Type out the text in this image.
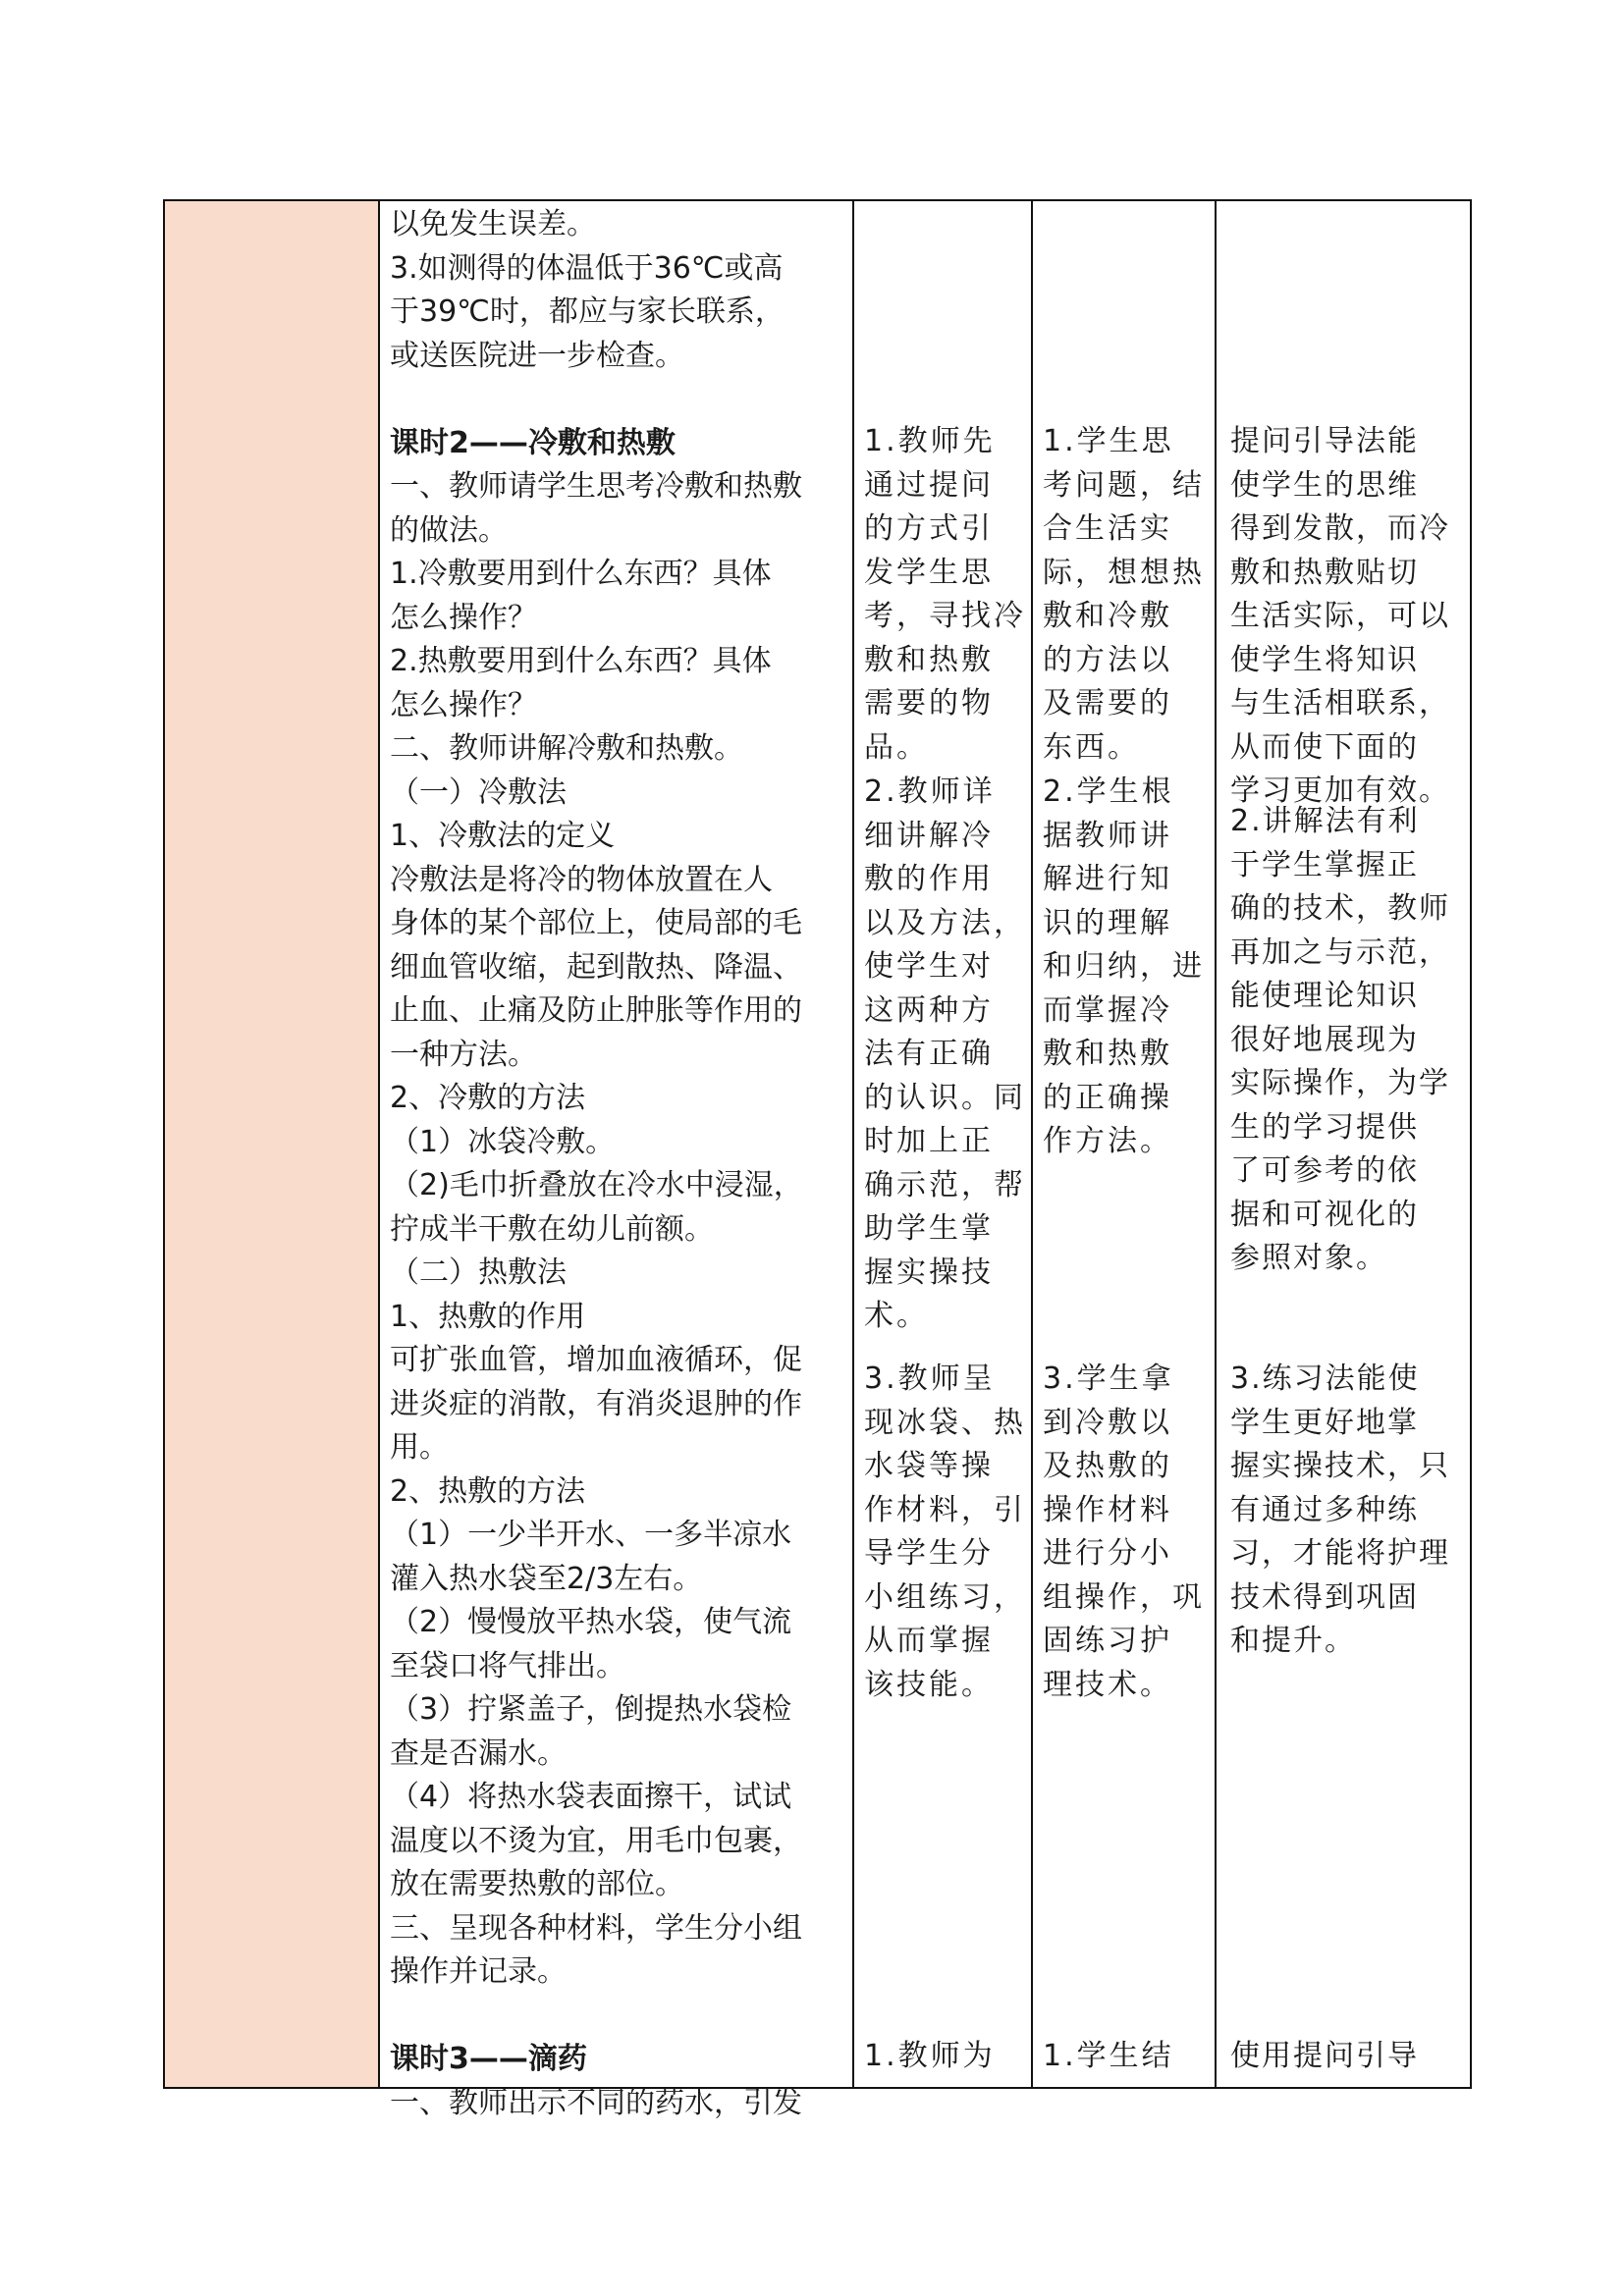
以免发生误差。
3.如测得的体温低于36℃或高
于39℃时，都应与家长联系，
或送医院进一步检查。
课时2——冷敷和热敷
一、教师请学生思考冷敷和热敷
的做法。
1.冷敷要用到什么东西？具体
怎么操作？
2.热敷要用到什么东西？具体
怎么操作？
二、教师讲解冷敷和热敷。
（一）冷敷法
1、冷敷法的定义
冷敷法是将冷的物体放置在人
身体的某个部位上，使局部的毛
细血管收缩，起到散热、降温、
止血、止痛及防止肿胀等作用的
一种方法。
2、冷敷的方法
（1）冰袋冷敷。
（2)毛巾折叠放在冷水中浸湿，
拧成半干敷在幼儿前额。
（二）热敷法
1、热敷的作用
可扩张血管，增加血液循环，促
进炎症的消散，有消炎退肿的作
用。
2、热敷的方法
（1）一少半开水、一多半凉水
灌入热水袋至2/3左右。
（2）慢慢放平热水袋，使气流
至袋口将气排出。
（3）拧紧盖子，倒提热水袋检
查是否漏水。
（4）将热水袋表面擦干，试试
温度以不烫为宜，用毛巾包裹，
放在需要热敷的部位。
三、呈现各种材料，学生分小组
操作并记录。
课时3——滴药
一、教师出示不同的药水，引发
1.教师先
通过提问
的方式引
发学生思
考，寻找冷
敷和热敷
需要的物
品。
2.教师详
细讲解冷
敷的作用
以及方法，
使学生对
这两种方
法有正确
的认识。同
时加上正
确示范，帮
助学生掌
握实操技
术。
3.教师呈
现冰袋、热
水袋等操
作材料，引
导学生分
小组练习，
从而掌握
该技能。
1.教师为
1.学生思
考问题，结
合生活实
际，想想热
敷和冷敷
的方法以
及需要的
东西。
2.学生根
据教师讲
解进行知
识的理解
和归纳，进
而掌握冷
敷和热敷
的正确操
作方法。
3.学生拿
到冷敷以
及热敷的
操作材料
进行分小
组操作，巩
固练习护
理技术。
1.学生结
提问引导法能
使学生的思维
得到发散，而冷
敷和热敷贴切
生活实际，可以
使学生将知识
与生活相联系，
从而使下面的
学习更加有效。
2.讲解法有利
于学生掌握正
确的技术，教师
再加之与示范，
能使理论知识
很好地展现为
实际操作，为学
生的学习提供
了可参考的依
据和可视化的
参照对象。
3.练习法能使
学生更好地掌
握实操技术，只
有通过多种练
习，才能将护理
技术得到巩固
和提升。
使用提问引导
